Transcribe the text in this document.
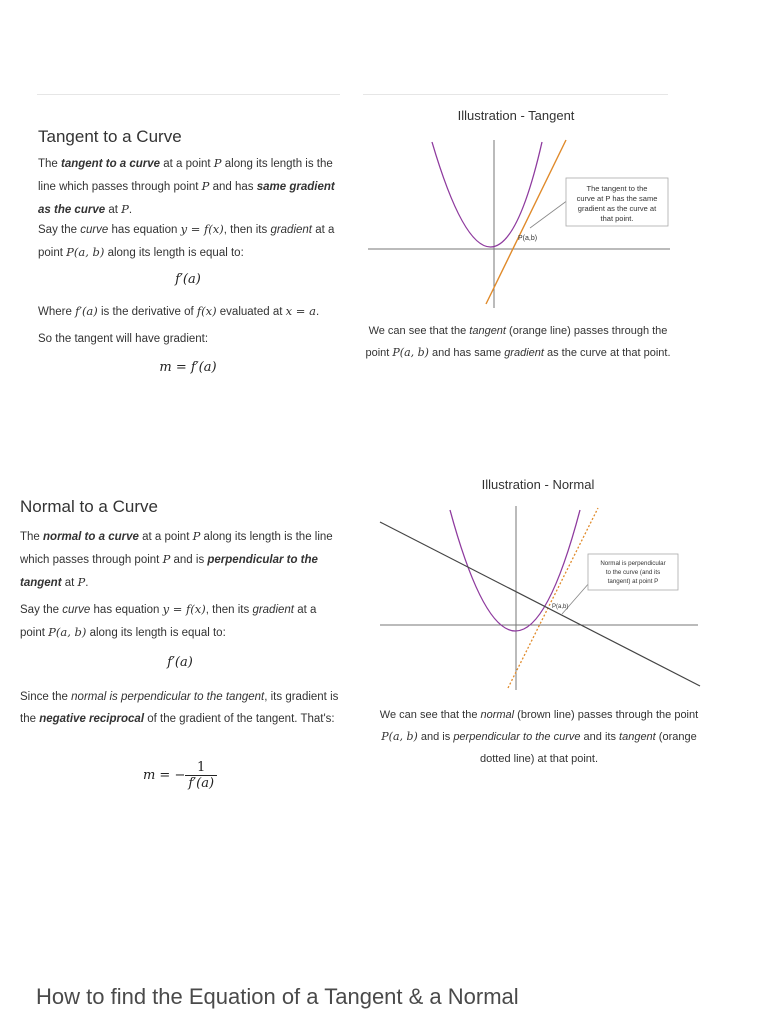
Tangent to a Curve
The tangent to a curve at a point P along its length is the line which passes through point P and has same gradient as the curve at P.
Say the curve has equation y = f(x), then its gradient at a point P(a, b) along its length is equal to:
f′(a)
Where f′(a) is the derivative of f(x) evaluated at x = a.
So the tangent will have gradient:
m = f′(a)
Illustration - Tangent
The tangent to the
curve at P has the same
gradient as the curve at
that point.
P(a,b)
We can see that the tangent (orange line) passes through the point P(a, b) and has same gradient as the curve at that point.
Normal to a Curve
The normal to a curve at a point P along its length is the line which passes through point P and is perpendicular to the tangent at P.
Say the curve has equation y = f(x), then its gradient at a point P(a, b) along its length is equal to:
f′(a)
Since the normal is perpendicular to the tangent, its gradient is the negative reciprocal of the gradient of the tangent. That's:
m = − $\frac{1}{f'(a)}$
Illustration - Normal
Normal is perpendicular
to the curve (and its
tangent) at point P
P(a,b)
We can see that the normal (brown line) passes through the point P(a, b) and is perpendicular to the curve and its tangent (orange dotted line) at that point.
How to find the Equation of a Tangent & a Normal
